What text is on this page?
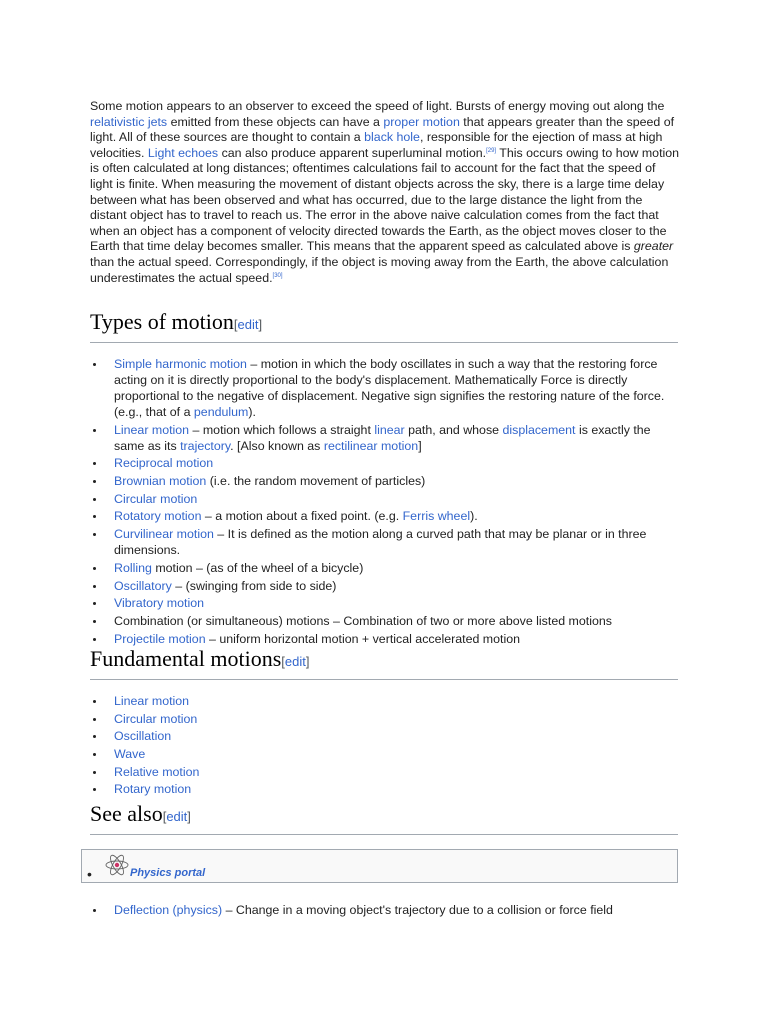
Some motion appears to an observer to exceed the speed of light. Bursts of energy moving out along the relativistic jets emitted from these objects can have a proper motion that appears greater than the speed of light. All of these sources are thought to contain a black hole, responsible for the ejection of mass at high velocities. Light echoes can also produce apparent superluminal motion.[29] This occurs owing to how motion is often calculated at long distances; oftentimes calculations fail to account for the fact that the speed of light is finite. When measuring the movement of distant objects across the sky, there is a large time delay between what has been observed and what has occurred, due to the large distance the light from the distant object has to travel to reach us. The error in the above naive calculation comes from the fact that when an object has a component of velocity directed towards the Earth, as the object moves closer to the Earth that time delay becomes smaller. This means that the apparent speed as calculated above is greater than the actual speed. Correspondingly, if the object is moving away from the Earth, the above calculation underestimates the actual speed.[30]

Types of motion[edit]
Simple harmonic motion – motion in which the body oscillates in such a way that the restoring force acting on it is directly proportional to the body's displacement. Mathematically Force is directly proportional to the negative of displacement. Negative sign signifies the restoring nature of the force. (e.g., that of a pendulum).
Linear motion – motion which follows a straight linear path, and whose displacement is exactly the same as its trajectory. [Also known as rectilinear motion]
Reciprocal motion
Brownian motion (i.e. the random movement of particles)
Circular motion
Rotatory motion – a motion about a fixed point. (e.g. Ferris wheel).
Curvilinear motion – It is defined as the motion along a curved path that may be planar or in three dimensions.
Rolling motion – (as of the wheel of a bicycle)
Oscillatory – (swinging from side to side)
Vibratory motion
Combination (or simultaneous) motions – Combination of two or more above listed motions
Projectile motion – uniform horizontal motion + vertical accelerated motion
Fundamental motions[edit]
Linear motion
Circular motion
Oscillation
Wave
Relative motion
Rotary motion
See also[edit]
•	Physics portal
Deflection (physics) – Change in a moving object's trajectory due to a collision or force field
